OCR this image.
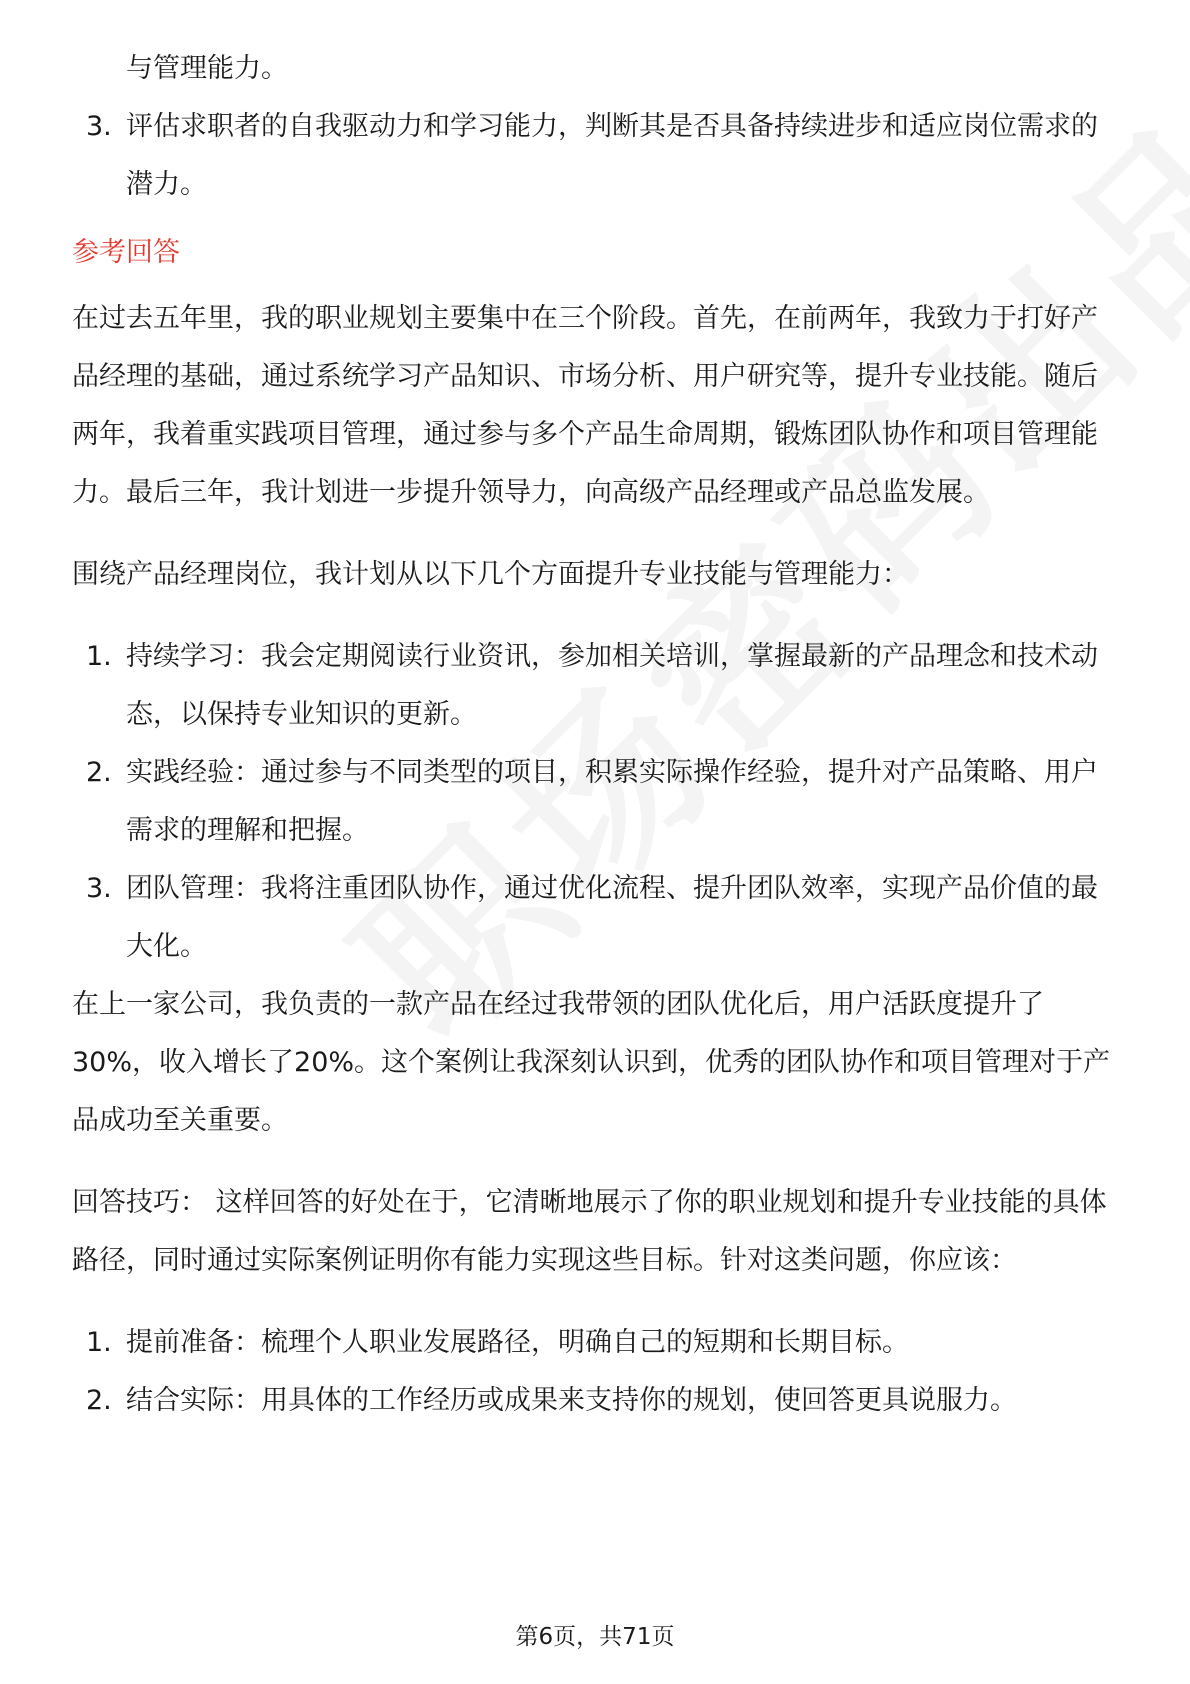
与管理能力。

3. 评估求职者的自我驱动力和学习能力，判断其是否具备持续进步和适应岗位需求的潜力。

参考回答

在过去五年里，我的职业规划主要集中在三个阶段。首先，在前两年，我致力于打好产品经理的基础，通过系统学习产品知识、市场分析、用户研究等，提升专业技能。随后两年，我着重实践项目管理，通过参与多个产品生命周期，锻炼团队协作和项目管理能力。最后三年，我计划进一步提升领导力，向高级产品经理或产品总监发展。

围绕产品经理岗位，我计划从以下几个方面提升专业技能与管理能力：

1. 持续学习：我会定期阅读行业资讯，参加相关培训，掌握最新的产品理念和技术动态，以保持专业知识的更新。
2. 实践经验：通过参与不同类型的项目，积累实际操作经验，提升对产品策略、用户需求的理解和把握。
3. 团队管理：我将注重团队协作，通过优化流程、提升团队效率，实现产品价值的最大化。

在上一家公司，我负责的一款产品在经过我带领的团队优化后，用户活跃度提升了30%，收入增长了20%。这个案例让我深刻认识到，优秀的团队协作和项目管理对于产品成功至关重要。

回答技巧： 这样回答的好处在于，它清晰地展示了你的职业规划和提升专业技能的具体路径，同时通过实际案例证明你有能力实现这些目标。针对这类问题，你应该：

1. 提前准备：梳理个人职业发展路径，明确自己的短期和长期目标。
2. 结合实际：用具体的工作经历或成果来支持你的规划，使回答更具说服力。
第6页，共71页
